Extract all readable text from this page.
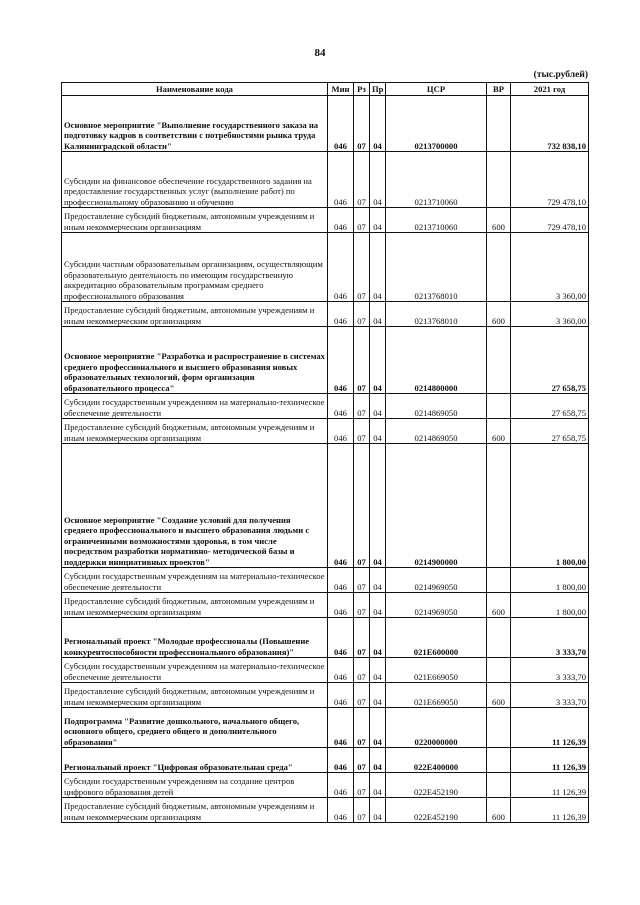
84
(тыс.рублей)
Наименование кода	Мин	Рз	Пр	ЦСР	ВР	2021 год
Основное мероприятие "Выполнение государственного заказа на подготовку кадров в соответствии с потребностями рынка труда Калининградской области"	046	07	04	0213700000		732 838,10
Субсидии на финансовое обеспечение государственного задания на предоставление государственных услуг (выполнение работ) по профессиональному образованию и обучению	046	07	04	0213710060		729 478,10
Предоставление субсидий бюджетным, автономным учреждениям и иным некоммерческим организациям	046	07	04	0213710060	600	729 478,10
Субсидии частным образовательным организациям, осуществляющим образовательную деятельность по имеющим государственную аккредитацию образовательным программам среднего профессионального образования	046	07	04	0213768010		3 360,00
Предоставление субсидий бюджетным, автономным учреждениям и иным некоммерческим организациям	046	07	04	0213768010	600	3 360,00
Основное мероприятие "Разработка и распространение в системах среднего профессионального и высшего образования новых образовательных технологий, форм организации образовательного процесса"	046	07	04	0214800000		27 658,75
Субсидии государственным учреждениям на материально-техническое обеспечение деятельности	046	07	04	0214869050		27 658,75
Предоставление субсидий бюджетным, автономным учреждениям и иным некоммерческим организациям	046	07	04	0214869050	600	27 658,75
Основное мероприятие "Создание условий для получения среднего профессионального и высшего образования людьми с ограниченными возможностями здоровья, в том числе посредством разработки нормативно- методической базы и поддержки инициативных проектов"	046	07	04	0214900000		1 800,00
Субсидии государственным учреждениям на материально-техническое обеспечение деятельности	046	07	04	0214969050		1 800,00
Предоставление субсидий бюджетным, автономным учреждениям и иным некоммерческим организациям	046	07	04	0214969050	600	1 800,00
Региональный проект "Молодые профессионалы (Повышение конкурентоспособности профессионального образования)"	046	07	04	021E600000		3 333,70
Субсидии государственным учреждениям на материально-техническое обеспечение деятельности	046	07	04	021E669050		3 333,70
Предоставление субсидий бюджетным, автономным учреждениям и иным некоммерческим организациям	046	07	04	021E669050	600	3 333,70
Подпрограмма "Развитие дошкольного, начального общего, основного общего, среднего общего и дополнительного образования"	046	07	04	0220000000		11 126,39
Региональный проект "Цифровая образовательная среда"	046	07	04	022E400000		11 126,39
Субсидии государственным учреждениям на создание центров цифрового образования детей	046	07	04	022E452190		11 126,39
Предоставление субсидий бюджетным, автономным учреждениям и иным некоммерческим организациям	046	07	04	022E452190	600	11 126,39
